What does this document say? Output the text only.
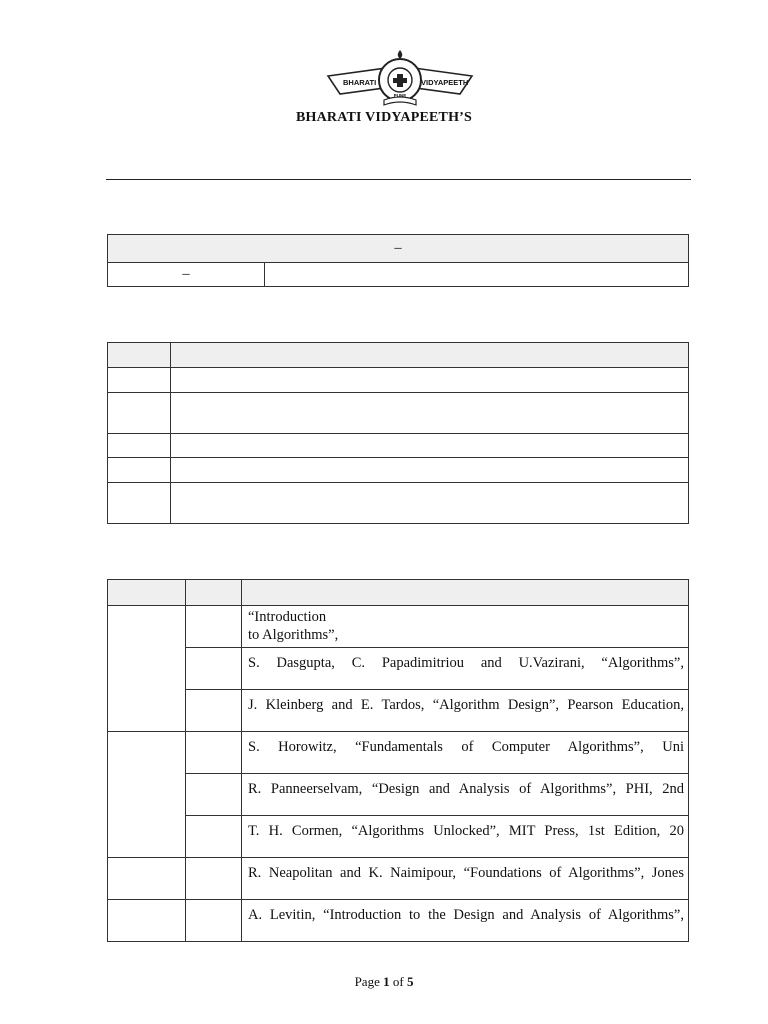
BHARATI	VIDYAPEETH
PUNE
BHARATI VIDYAPEETH’S
–
–	

		“Introduction
to Algorithms”,
		S. Dasgupta, C. Papadimitriou and U.Vazirani, “Algorithms”,
		J. Kleinberg and E. Tardos, “Algorithm Design”, Pearson Education,
		S. Horowitz, “Fundamentals of Computer Algorithms”, Uni
		R. Panneerselvam, “Design and Analysis of Algorithms”, PHI, 2nd
		T. H. Cormen, “Algorithms Unlocked”, MIT Press, 1st Edition, 20
		R. Neapolitan and K. Naimipour, “Foundations of Algorithms”, Jones
		A. Levitin, “Introduction to the Design and Analysis of Algorithms”,
Page 1 of 5
